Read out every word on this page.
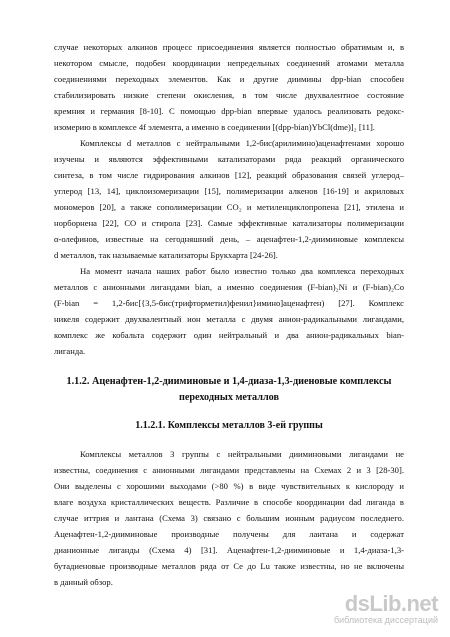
случае некоторых алкинов процесс присоединения является полностью обратимым и, в

некотором смысле, подобен координации непредельных соединений атомами металла

соединениями переходных элементов. Как и другие диимины dpp-bian способен

стабилизировать низкие степени окисления, в том числе двухвалентное состояние

кремния и германия [8-10]. С помощью dpp-bian впервые удалось реализовать редокс-

изомерию в комплексе 4f элемента, а именно в соединении [(dpp-bian)YbCl(dme)]₂ [11].

Комплексы d металлов с нейтральными 1,2-бис(арилимино)аценафтенами хорошо

изучены и являются эффективными катализаторами ряда реакций органического

синтеза, в том числе гидрирования алкинов [12], реакций образования связей углерод–

углерод [13, 14], циклоизомеризации [15], полимеризации алкенов [16-19] и акриловых

мономеров [20], а также сополимеризации CO₂ и метиленциклопропена [21], этилена и

норборнена [22], CO и стирола [23]. Самые эффективные катализаторы полимеризации

α-олефинов, известные на сегодняшний день, – аценафтен-1,2-дииминовые комплексы

d металлов, так называемые катализаторы Брукхарта [24-26].

На момент начала наших работ было известно только два комплекса переходных

металлов с анионными лигандами bian, а именно соединения (F-bian)₂Ni и (F-bian)₂Co

(F-bian = 1,2-бис[{3,5-бис(трифторметил)фенил}имино]аценафтен) [27]. Комплекс

никеля содержит двухвалентный ион металла с двумя анион-радикальными лигандами,

комплекс же кобальта содержит один нейтральный и два анион-радикальных bian-

лиганда.

1.1.2. Аценафтен-1,2-дииминовые и 1,4-диаза-1,3-диеновые комплексы

переходных металлов

1.1.2.1. Комплексы металлов 3-ей группы

Комплексы металлов 3 группы с нейтральными дииминовыми лигандами не

известны, соединения с анионными лигандами представлены на Схемах 2 и 3 [28-30].

Они выделены с хорошими выходами (>80 %) в виде чувствительных к кислороду и

влаге воздуха кристаллических веществ. Различие в способе координации dad лиганда в

случае иттрия и лантана (Схема 3) связано с большим ионным радиусом последнего.

Аценафтен-1,2-дииминовые производные получены для лантана и содержат

дианионные лиганды (Схема 4) [31]. Аценафтен-1,2-дииминовые и 1,4-диаза-1,3-

бутадиеновые производные металлов ряда от Ce до Lu также известны, но не включены

в данный обзор.

dsLib.net
библиотека диссертаций
